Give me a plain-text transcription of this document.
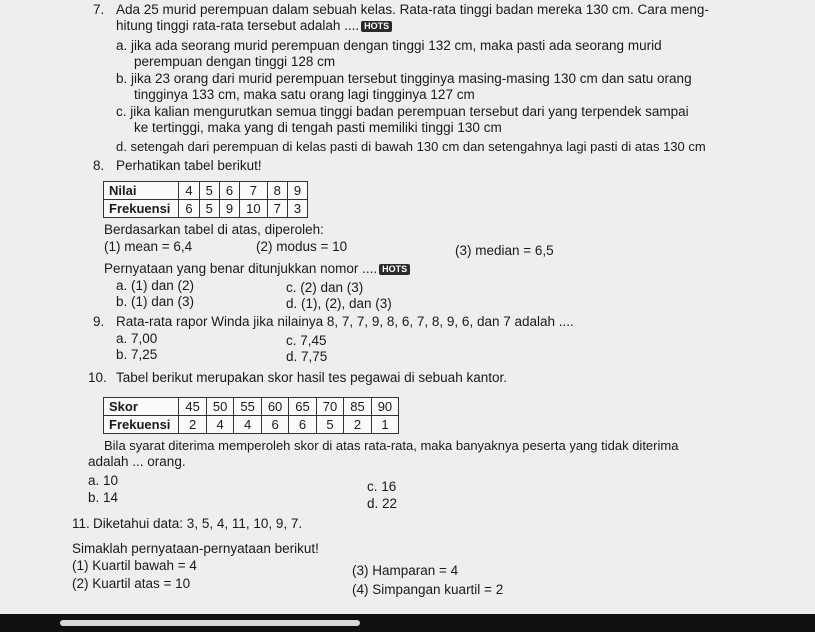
7. Ada 25 murid perempuan dalam sebuah kelas. Rata-rata tinggi badan mereka 130 cm. Cara meng-
hitung tinggi rata-rata tersebut adalah .... HOTS
a. jika ada seorang murid perempuan dengan tinggi 132 cm, maka pasti ada seorang murid
perempuan dengan tinggi 128 cm
b. jika 23 orang dari murid perempuan tersebut tingginya masing-masing 130 cm dan satu orang
tingginya 133 cm, maka satu orang lagi tingginya 127 cm
c. jika kalian mengurutkan semua tinggi badan perempuan tersebut dari yang terpendek sampai
ke tertinggi, maka yang di tengah pasti memiliki tinggi 130 cm
d. setengah dari perempuan di kelas pasti di bawah 130 cm dan setengahnya lagi pasti di atas 130 cm
8. Perhatikan tabel berikut!
Nilai	4	5	6	7	8	9
Frekuensi	6	5	9	10	7	3
Berdasarkan tabel di atas, diperoleh:
(1) mean = 6,4	(2) modus = 10	(3) median = 6,5
Pernyataan yang benar ditunjukkan nomor .... HOTS
a. (1) dan (2)
b. (1) dan (3)
c. (2) dan (3)
d. (1), (2), dan (3)
9. Rata-rata rapor Winda jika nilainya 8, 7, 7, 9, 8, 6, 7, 8, 9, 6, dan 7 adalah ....
a. 7,00
b. 7,25
c. 7,45
d. 7,75
10. Tabel berikut merupakan skor hasil tes pegawai di sebuah kantor.
Skor	45	50	55	60	65	70	85	90
Frekuensi	2	4	4	6	6	5	2	1
Bila syarat diterima memperoleh skor di atas rata-rata, maka banyaknya peserta yang tidak diterima
adalah ... orang.
a. 10
b. 14
c. 16
d. 22
11. Diketahui data: 3, 5, 4, 11, 10, 9, 7.
Simaklah pernyataan-pernyataan berikut!
(1) Kuartil bawah = 4
(2) Kuartil atas = 10
(3) Hamparan = 4
(4) Simpangan kuartil = 2
